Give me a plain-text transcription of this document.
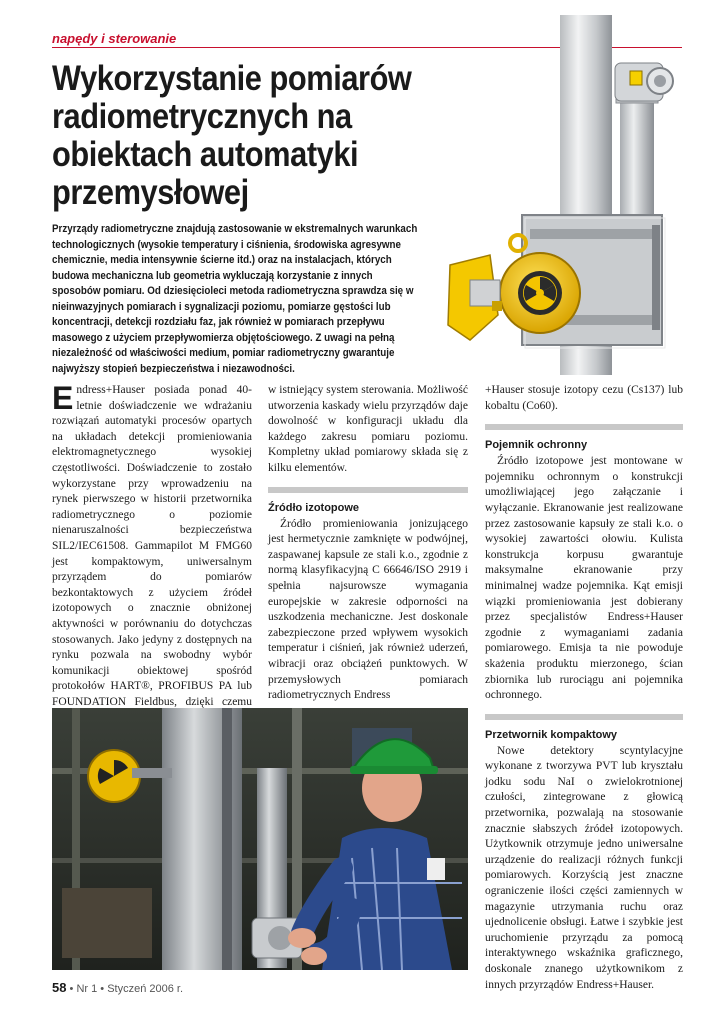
napędy i sterowanie
Wykorzystanie pomiarów radiometrycznych na obiektach automatyki przemysłowej

Przyrządy radiometryczne znajdują zastosowanie w ekstremalnych warunkach technologicznych (wysokie temperatury i ciśnienia, środowiska agresywne chemicznie, media intensywnie ścierne itd.) oraz na instalacjach, których budowa mechaniczna lub geometria wykluczają korzystanie z innych sposobów pomiaru. Od dziesięcioleci metoda radiometryczna sprawdza się w nieinwazyjnych pomiarach i sygnalizacji poziomu, pomiarze gęstości lub koncentracji, detekcji rozdziału faz, jak również w pomiarach przepływu masowego z użyciem przepływomierza objętościowego. Z uwagi na pełną niezależność od właściwości medium, pomiar radiometryczny gwarantuje najwyższy stopień bezpieczeństwa i niezawodności.

Endress+Hauser posiada ponad 40-letnie doświadczenie we wdrażaniu rozwiązań automatyki procesów opartych na układach detekcji promieniowania elektromagnetycznego wysokiej częstotliwości. Doświadczenie to zostało wykorzystane przy wprowadzeniu na rynek pierwszego w historii przetwornika radiometrycznego o poziomie nienaruszalności bezpieczeństwa SIL2/IEC61508. Gammapilot M FMG60 jest kompaktowym, uniwersalnym przyrządem do pomiarów bezkontaktowych z użyciem źródeł izotopowych o znacznie obniżonej aktywności w porównaniu do dotychczas stosowanych. Jako jedyny z dostępnych na rynku pozwala na swobodny wybór komunikacji obiektowej spośród protokołów HART®, PROFIBUS PA lub FOUNDATION Fieldbus, dzięki czemu

w istniejący system sterowania. Możliwość utworzenia kaskady wielu przyrządów daje dowolność w konfiguracji układu dla każdego zakresu pomiaru poziomu. Kompletny układ pomiarowy składa się z kilku elementów.

Źródło izotopowe

Źródło promieniowania jonizującego jest hermetycznie zamknięte w podwójnej, zaspawanej kapsule ze stali k.o., zgodnie z normą klasyfikacyjną C 66646/ISO 2919 i spełnia najsurowsze wymagania europejskie w zakresie odporności na uszkodzenia mechaniczne. Jest doskonale zabezpieczone przed wpływem wysokich temperatur i ciśnień, jak również uderzeń, wibracji oraz obciążeń punktowych. W przemysłowych pomiarach radiometrycznych Endress

+Hauser stosuje izotopy cezu (Cs137) lub kobaltu (Co60).

Pojemnik ochronny

Źródło izotopowe jest montowane w pojemniku ochronnym o konstrukcji umożliwiającej jego załączanie i wyłączanie. Ekranowanie jest realizowane przez zastosowanie kapsuły ze stali k.o. o wysokiej zawartości ołowiu. Kulista konstrukcja korpusu gwarantuje maksymalne ekranowanie przy minimalnej wadze pojemnika. Kąt emisji wiązki promieniowania jest dobierany przez specjalistów Endress+Hauser zgodnie z wymaganiami zadania pomiarowego. Emisja ta nie powoduje skażenia produktu mierzonego, ścian zbiornika lub rurociągu ani pojemnika ochronnego.

Przetwornik kompaktowy

Nowe detektory scyntylacyjne wykonane z tworzywa PVT lub kryształu jodku sodu NaI o zwielokrotnionej czułości, zintegrowane z głowicą przetwornika, pozwalają na stosowanie znacznie słabszych źródeł izotopowych. Użytkownik otrzymuje jedno uniwersalne urządzenie do realizacji różnych funkcji pomiarowych. Korzyścią jest znaczne ograniczenie ilości części zamiennych w magazynie utrzymania ruchu oraz ujednolicenie obsługi. Łatwe i szybkie jest uruchomienie przyrządu za pomocą interaktywnego wskaźnika graficznego, doskonale znanego użytkownikom z innych przyrządów Endress+Hauser.

58 • Nr 1 • Styczeń 2006 r.
